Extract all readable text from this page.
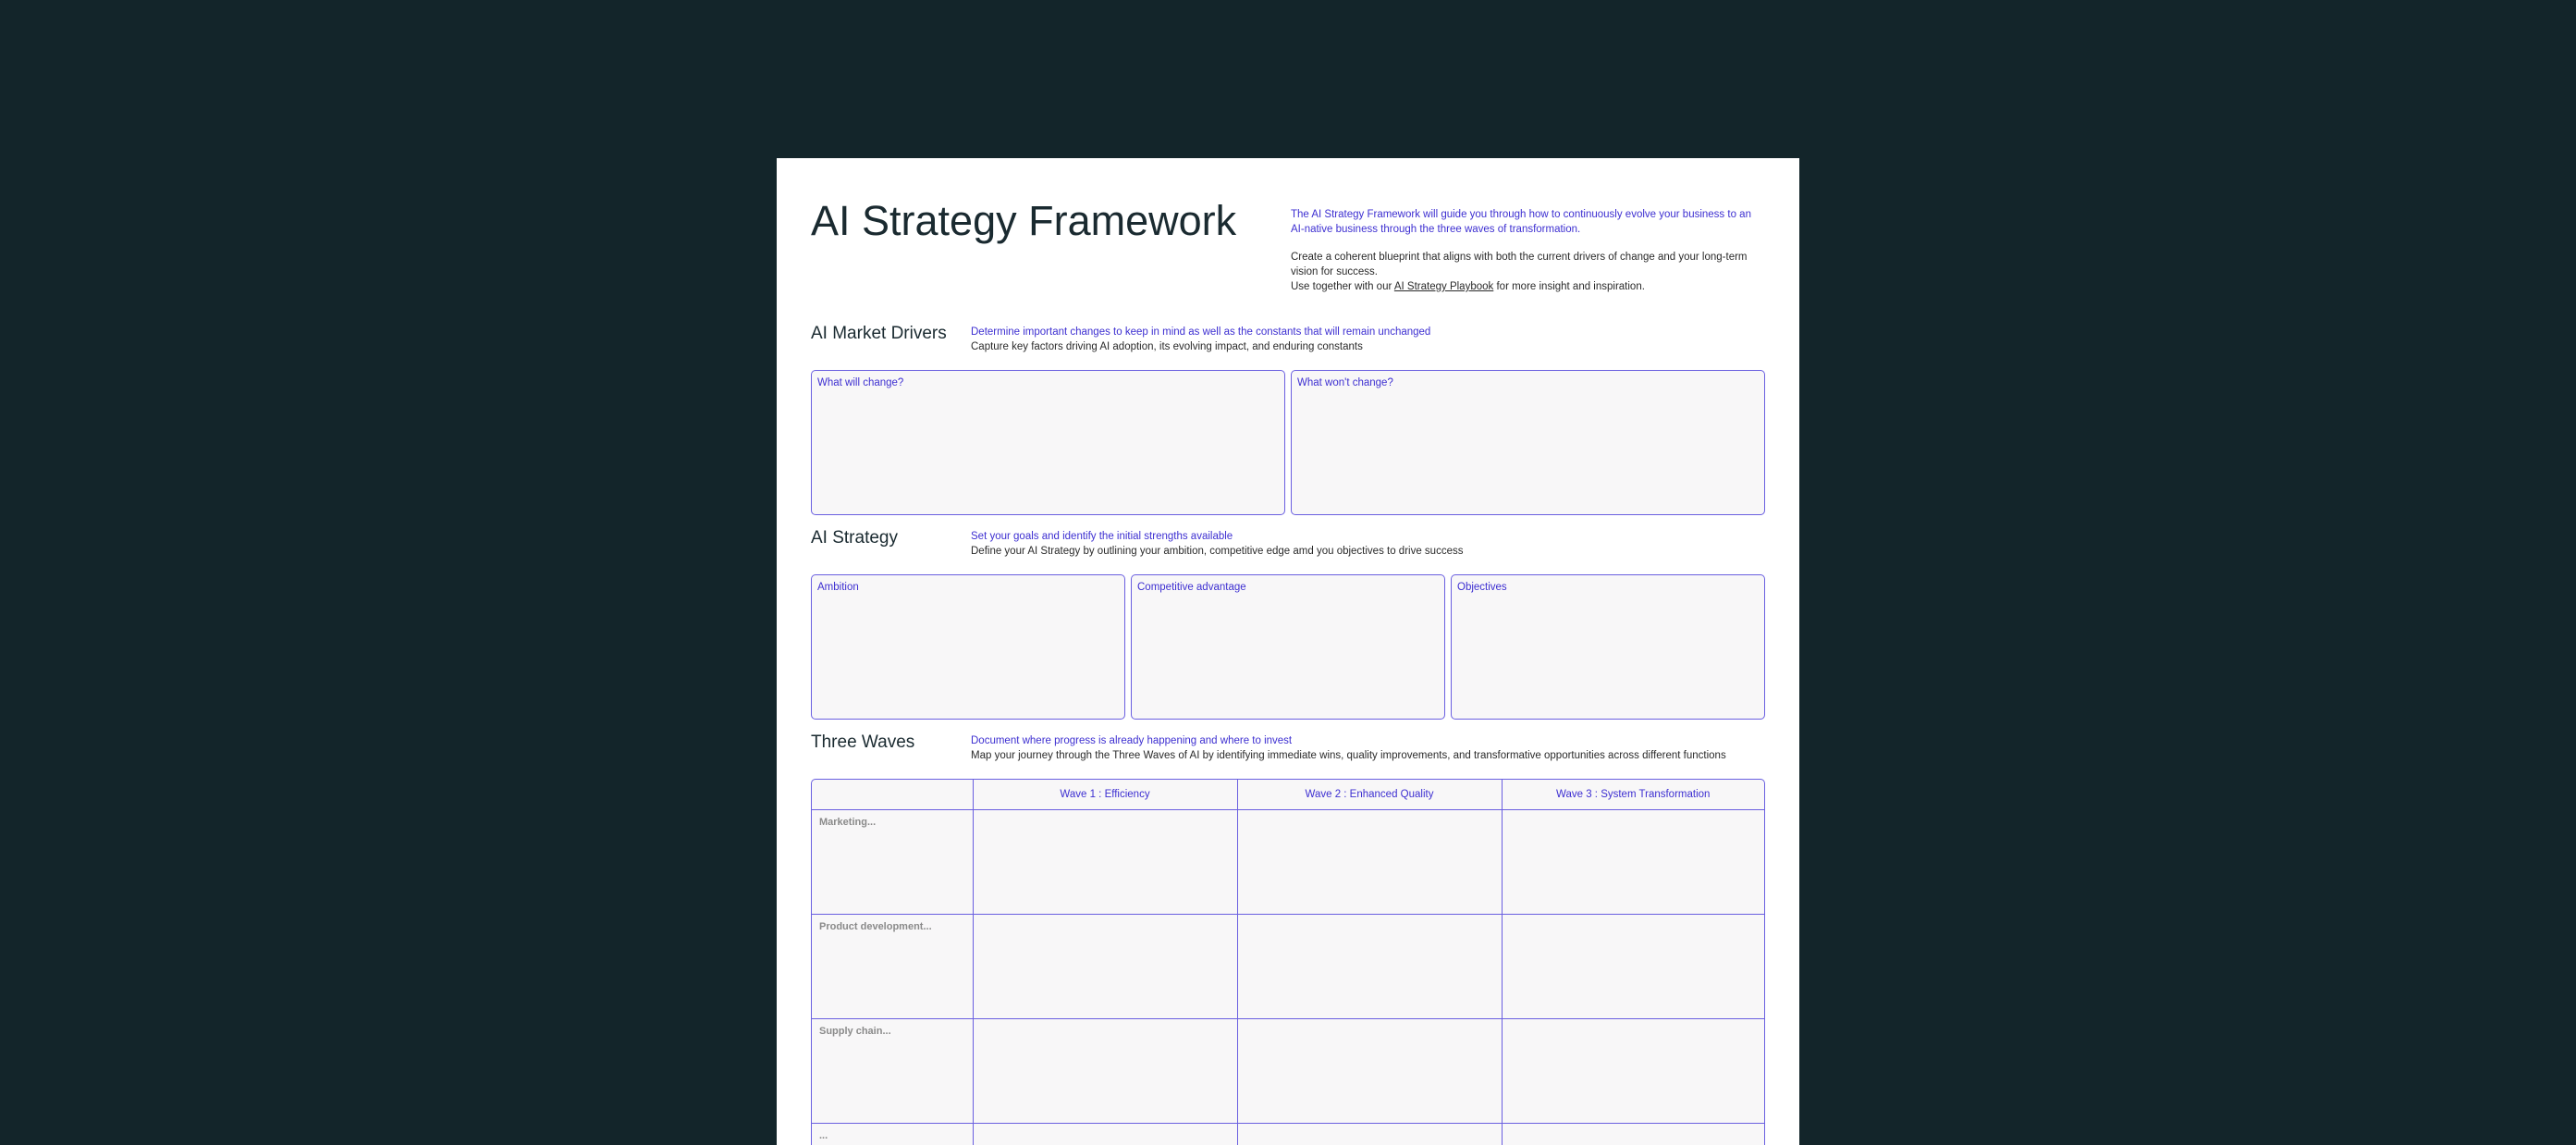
AI Strategy Framework	The AI Strategy Framework will guide you through how to continuously evolve your business to an AI-native business through the three waves of transformation.

Create a coherent blueprint that aligns with both the current drivers of change and your long-term vision for success.

Use together with our AI Strategy Playbook for more insight and inspiration.

AI Market Drivers Determine important changes to keep in mind as well as the constants that will remain unchanged
Capture key factors driving AI adoption, its evolving impact, and enduring constants
What will change?	What won't change?
AI Strategy	Set your goals and identify the initial strengths available
Define your AI Strategy by outlining your ambition, competitive edge amd you objectives to drive success
Ambition	Competitive advantage	Objectives
Three Waves	Document where progress is already happening and where to invest
Map your journey through the Three Waves of AI by identifying immediate wins, quality improvements, and transformative opportunities across different functions
	Wave 1 : Efficiency	Wave 2 : Enhanced Quality	Wave 3 : System Transformation
Marketing...			
Product development...			
Supply chain...			
...			
